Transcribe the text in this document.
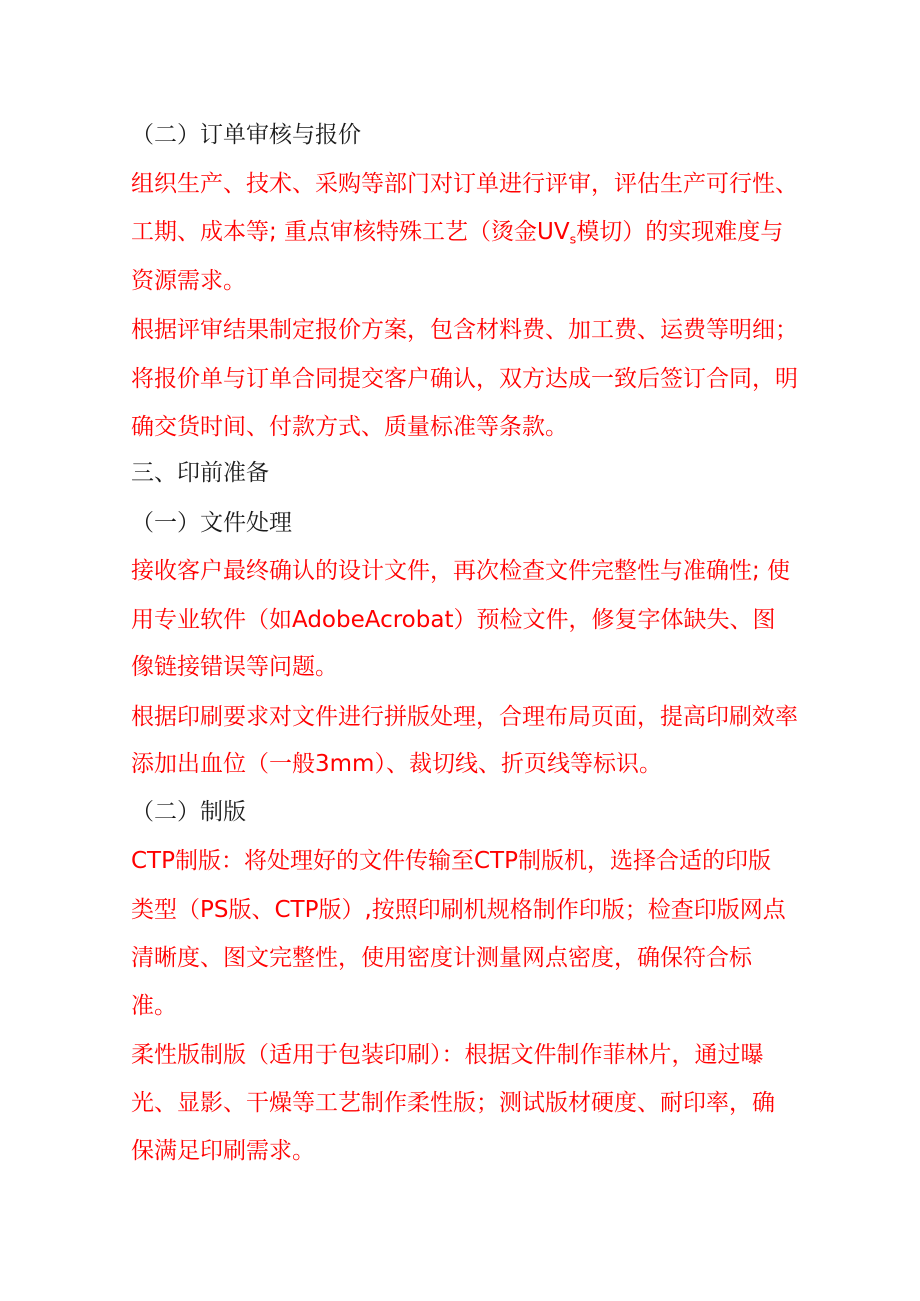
（二）订单审核与报价
组织生产、技术、采购等部门对订单进行评审，评估生产可行性、
工期、成本等; 重点审核特殊工艺（烫金$UV_s$模切）的实现难度与
资源需求。
根据评审结果制定报价方案，包含材料费、加工费、运费等明细；
将报价单与订单合同提交客户确认，双方达成一致后签订合同，明
确交货时间、付款方式、质量标准等条款。
三、印前准备
（一）文件处理
接收客户最终确认的设计文件，再次检查文件完整性与准确性; 使
用专业软件（如AdobeAcrobat）预检文件，修复字体缺失、图
像链接错误等问题。
根据印刷要求对文件进行拼版处理，合理布局页面，提高印刷效率
添加出血位（一般3mm）、裁切线、折页线等标识。
（二）制版
CTP制版：将处理好的文件传输至CTP制版机，选择合适的印版
类型（PS版、CTP版）,按照印刷机规格制作印版；检查印版网点
清晰度、图文完整性，使用密度计测量网点密度，确保符合标
准。
柔性版制版（适用于包装印刷）：根据文件制作菲林片，通过曝
光、显影、干燥等工艺制作柔性版；测试版材硬度、耐印率，确
保满足印刷需求。
